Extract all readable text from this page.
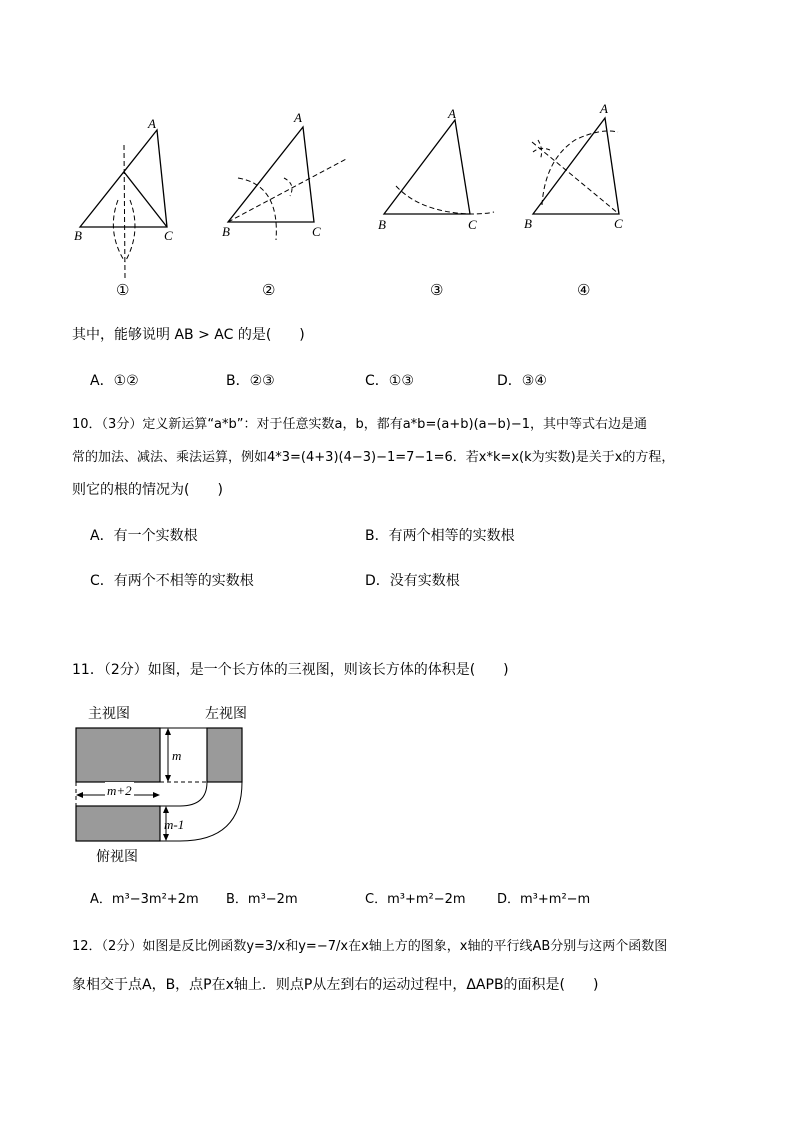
A
B	C
A
B	C
A
B	C
A
B	C
①	②	③	④
其中，能够说明 AB > AC 的是(　　)
A．①②	B．②③	C．①③	D．③④
10．（3分）定义新运算“a*b”：对于任意实数a，b，都有a*b=(a+b)(a−b)−1，其中等式右边是通
常的加法、减法、乘法运算，例如4*3=(4+3)(4−3)−1=7−1=6．若x*k=x(k为实数)是关于x的方程，
则它的根的情况为(　　)
A．有一个实数根	B．有两个相等的实数根
C．有两个不相等的实数根	D．没有实数根
11．（2分）如图，是一个长方体的三视图，则该长方体的体积是(　　)
主视图	左视图
俯视图
m
m+2
m-1
A．m³−3m²+2m B．m³−2m	C．m³+m²−2m D．m³+m²−m
12．（2分）如图是反比例函数y=3/x和y=−7/x在x轴上方的图象，x轴的平行线AB分别与这两个函数图
象相交于点A，B，点P在x轴上．则点P从左到右的运动过程中，ΔAPB的面积是(　　)
